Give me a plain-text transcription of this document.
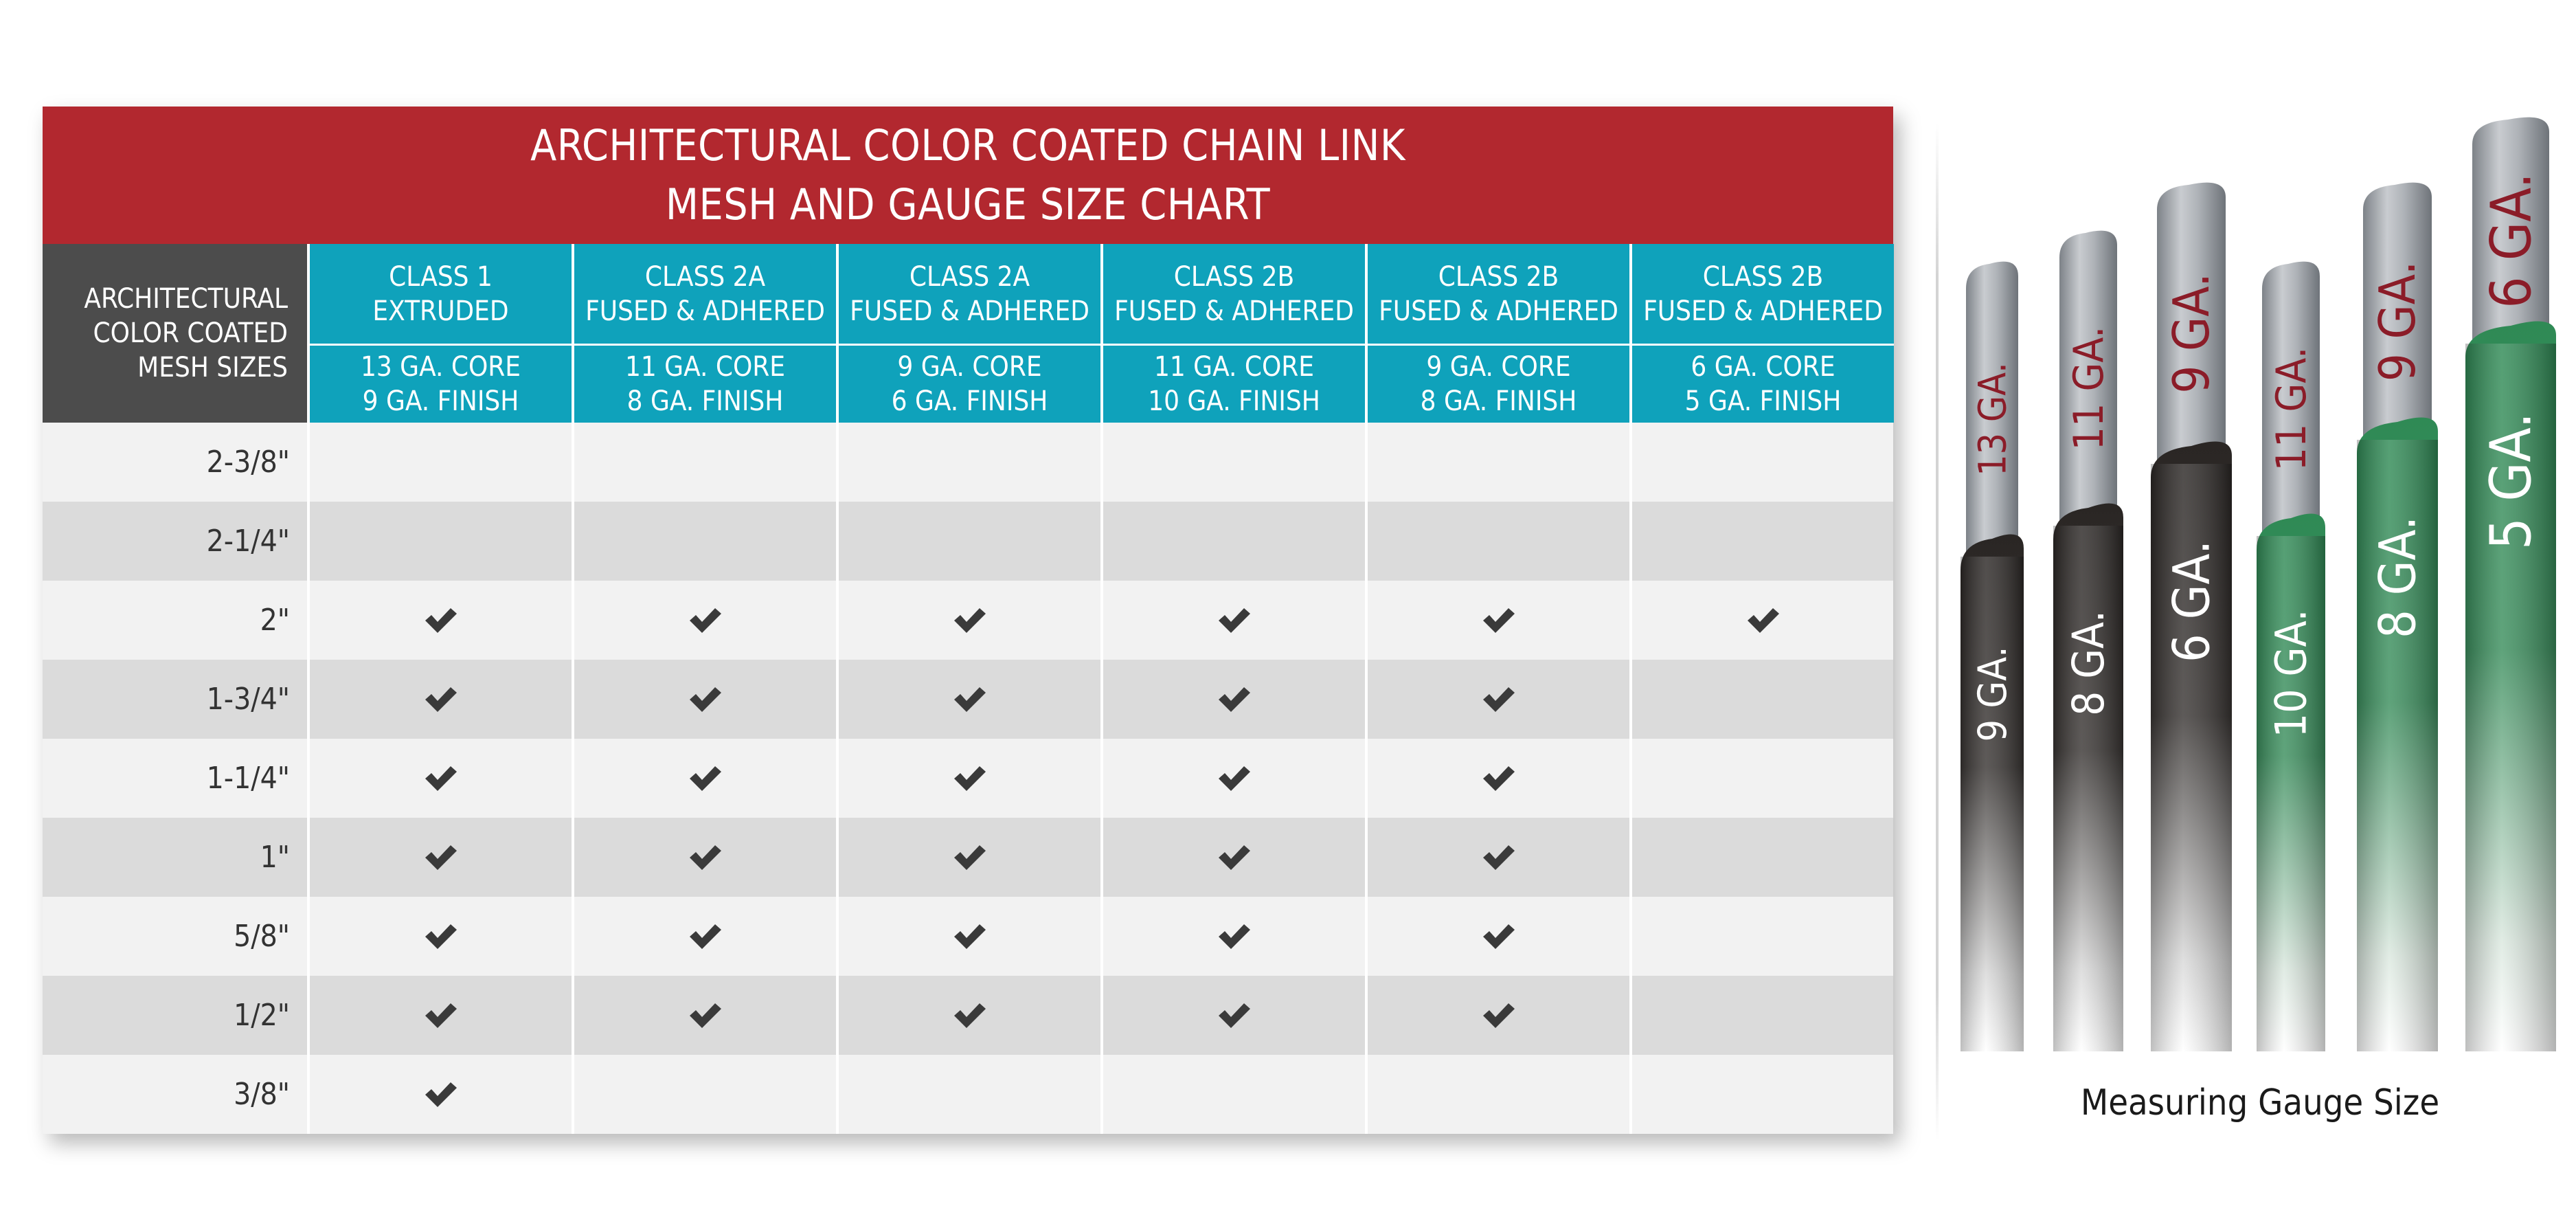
ARCHITECTURAL COLOR COATED CHAIN LINK
MESH AND GAUGE SIZE CHART
ARCHITECTURAL
COLOR COATED
MESH SIZES
CLASS 1
EXTRUDED
13 GA. CORE
9 GA. FINISH
CLASS 2A
FUSED & ADHERED
11 GA. CORE
8 GA. FINISH
CLASS 2A
FUSED & ADHERED
9 GA. CORE
6 GA. FINISH
CLASS 2B
FUSED & ADHERED
11 GA. CORE
10 GA. FINISH
CLASS 2B
FUSED & ADHERED
9 GA. CORE
8 GA. FINISH
CLASS 2B
FUSED & ADHERED
6 GA. CORE
5 GA. FINISH
2-3/8"
2-1/4"
2"
1-3/4"
1-1/4"
1"
5/8"
1/2"
3/8"
13 GA.
9 GA.
11 GA.
8 GA.
9 GA.
6 GA.
11 GA.
10 GA.
9 GA.
8 GA.
6 GA.
5 GA.
Measuring Gauge Size
